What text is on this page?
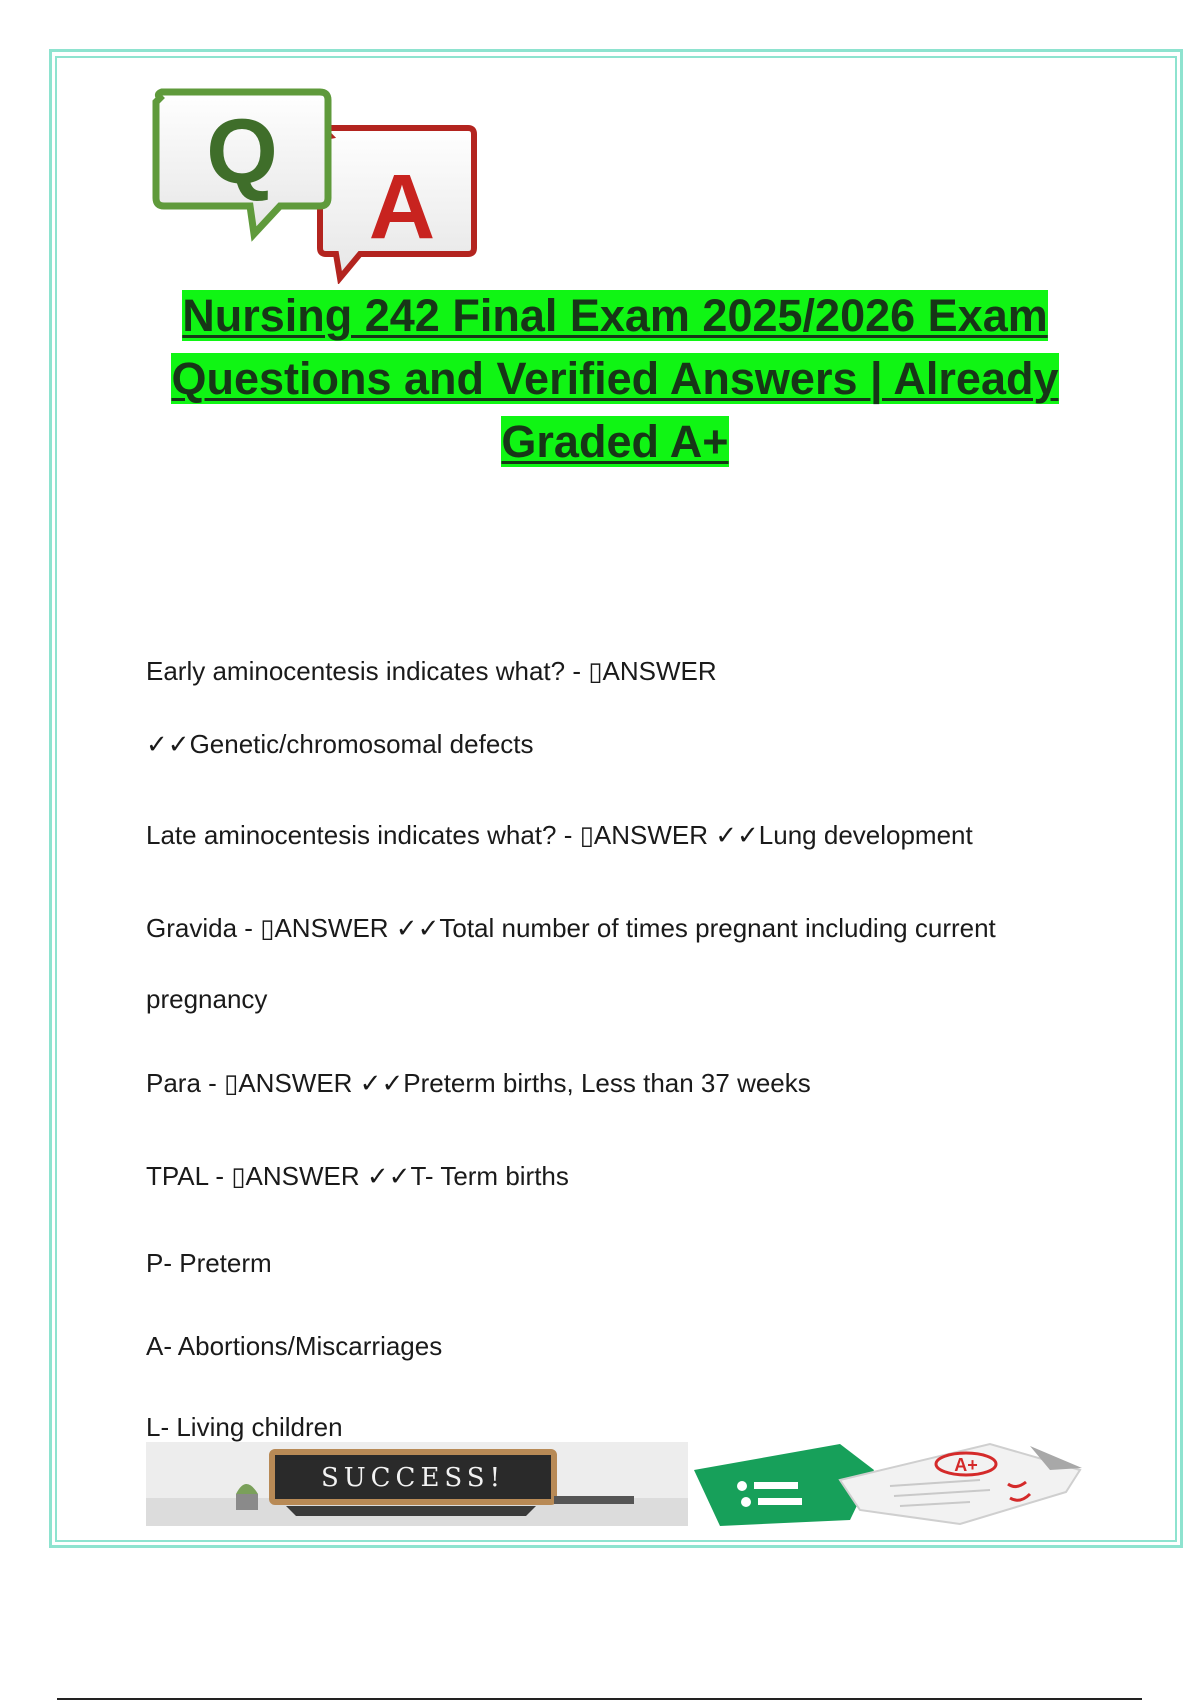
A
Q
Nursing 242 Final Exam 2025/2026 Exam Questions and Verified Answers | Already Graded A+

Early aminocentesis indicates what? - ▯ANSWER

✓✓Genetic/chromosomal defects

Late aminocentesis indicates what? - ▯ANSWER ✓✓Lung development

Gravida - ▯ANSWER ✓✓Total number of times pregnant including current

pregnancy

Para - ▯ANSWER ✓✓Preterm births, Less than 37 weeks

TPAL - ▯ANSWER ✓✓T- Term births

P- Preterm

A- Abortions/Miscarriages

L- Living children

SUCCESS!	A+
